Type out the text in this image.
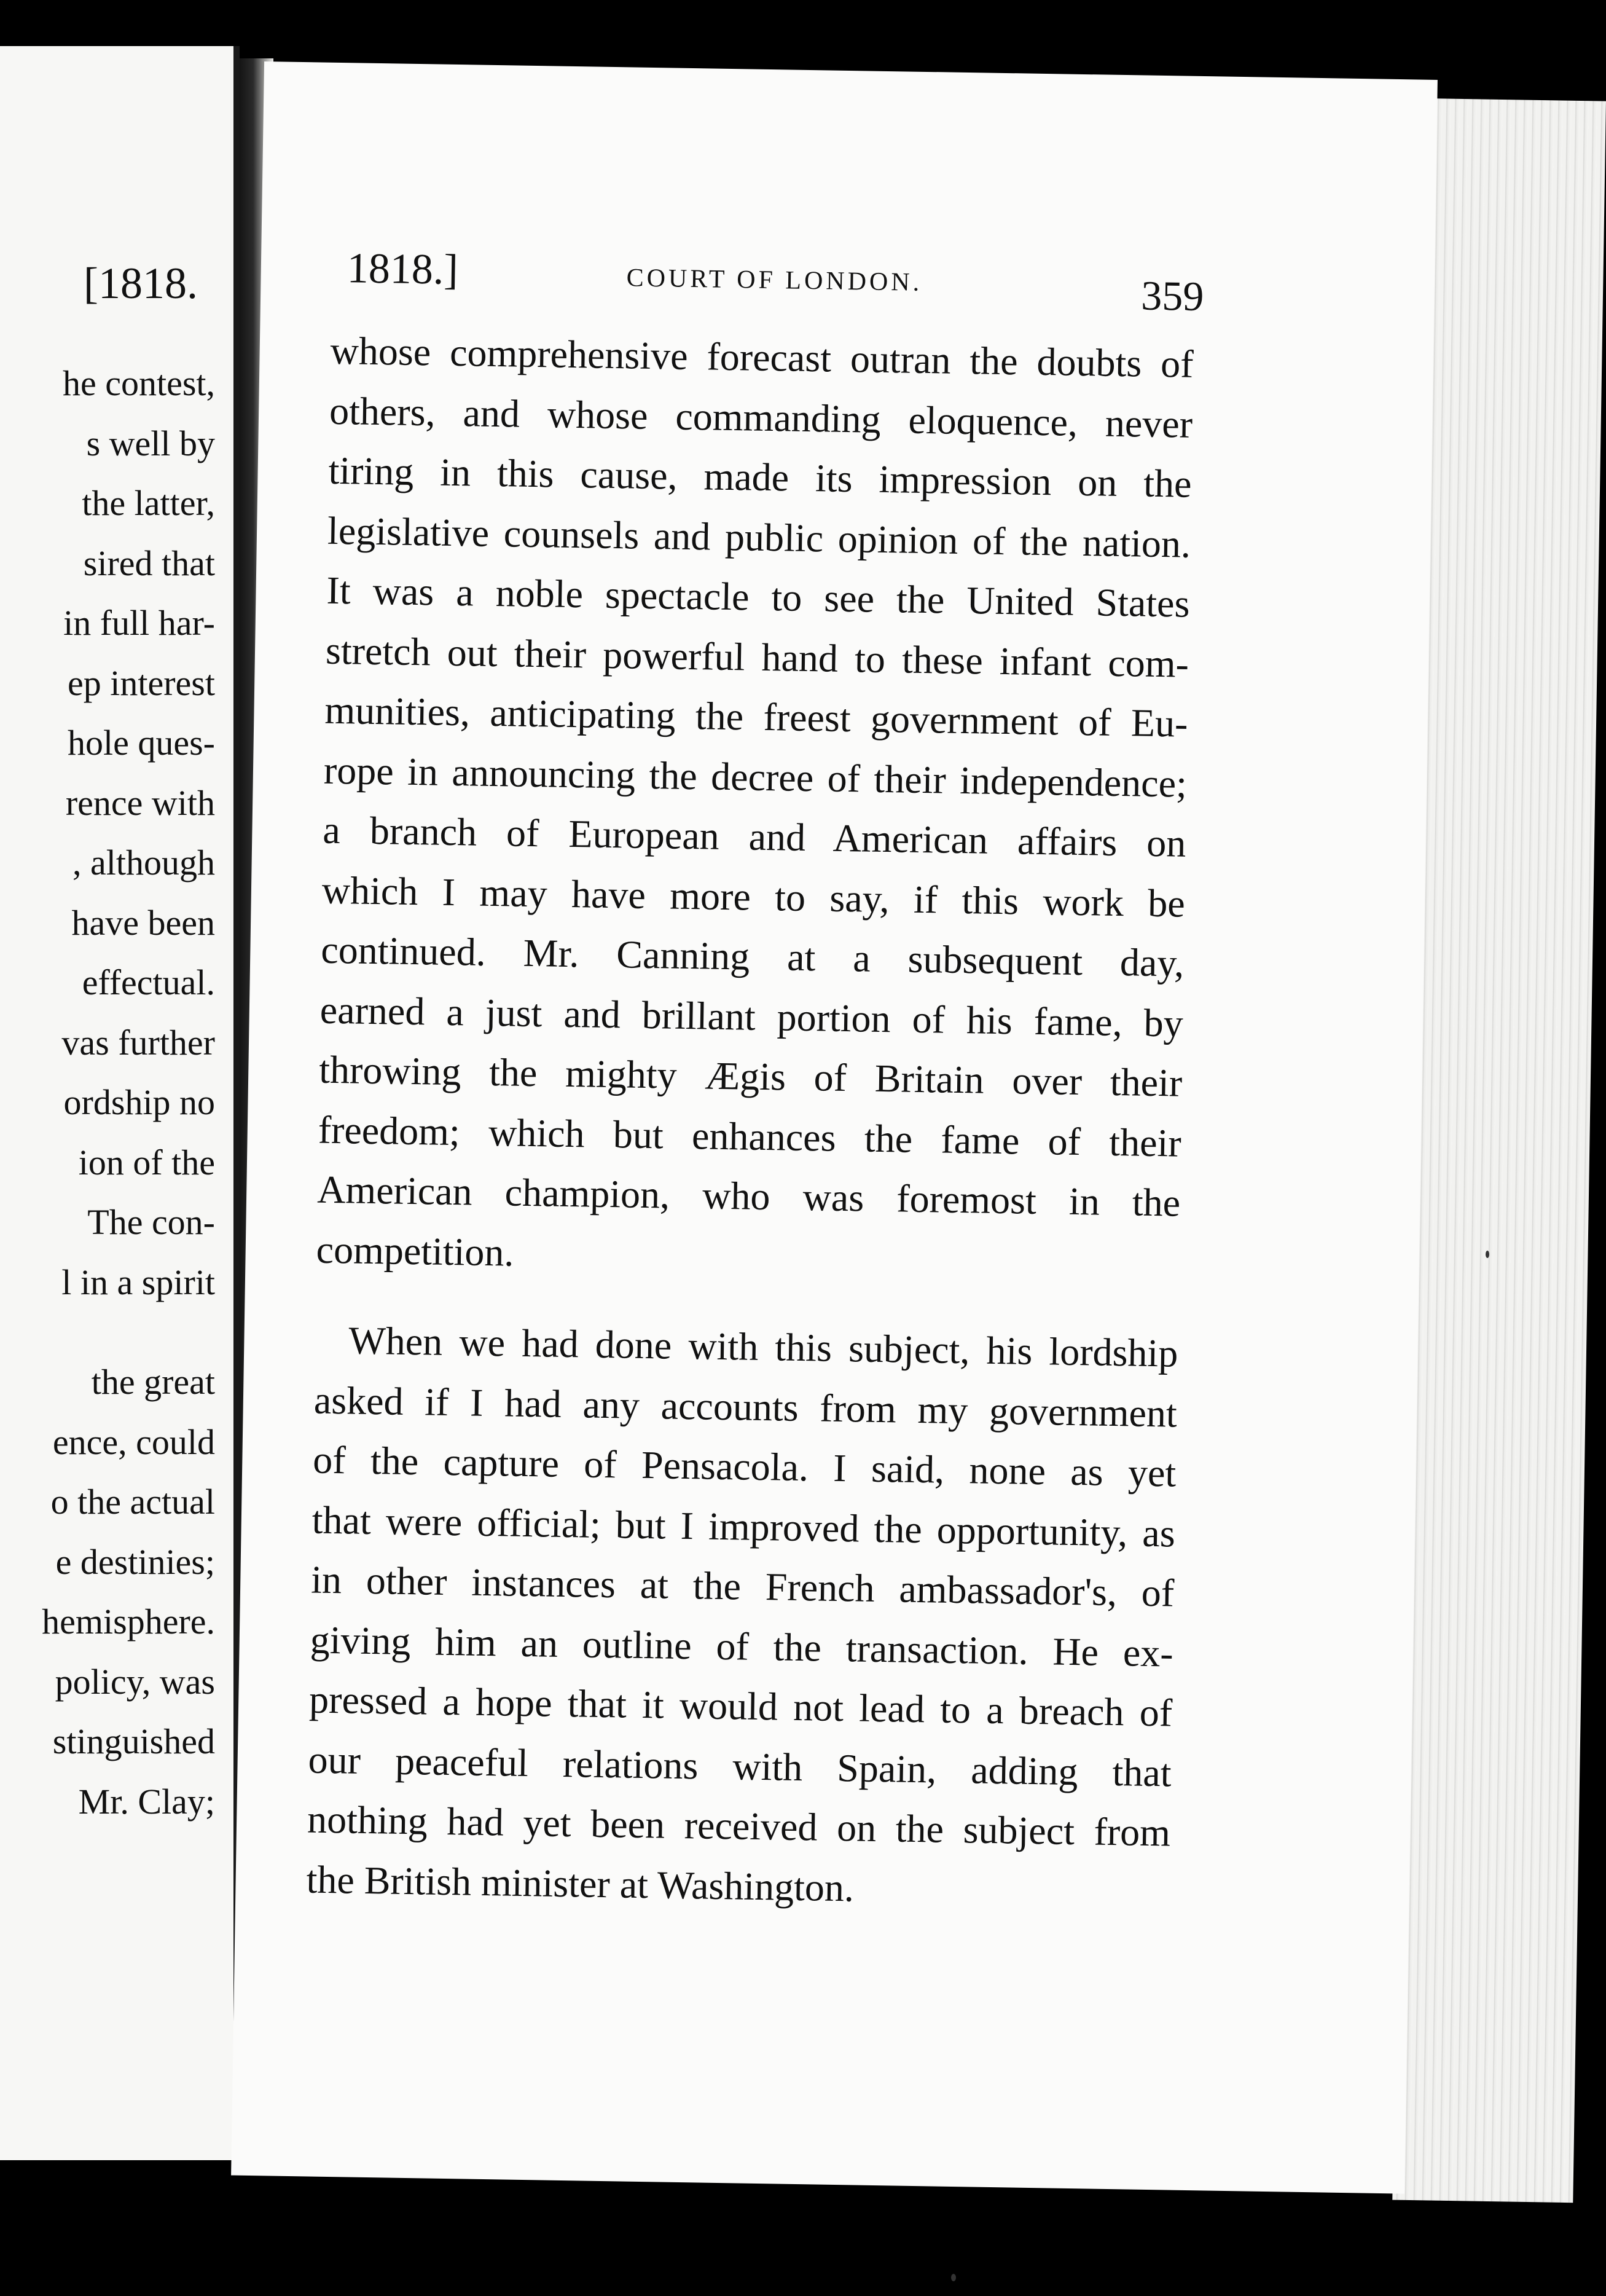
[1818.
he contest,
s well by
the latter,
sired that
in full har-
ep interest
hole ques-
rence with
, although
have been
effectual.
vas further
ordship no
ion of the
The con-
l in a spirit
the great
ence, could
o the actual
e destinies;
hemisphere.
policy, was
stinguished
Mr. Clay;
1818.]	COURT OF LONDON.	359
whose comprehensive forecast outran the doubts of
others, and whose commanding eloquence, never
tiring in this cause, made its impression on the
legislative counsels and public opinion of the nation.
It was a noble spectacle to see the United States
stretch out their powerful hand to these infant com-
munities, anticipating the freest government of Eu-
rope in announcing the decree of their independence;
a branch of European and American affairs on
which I may have more to say, if this work be
continued. Mr. Canning at a subsequent day,
earned a just and brillant portion of his fame, by
throwing the mighty Ægis of Britain over their
freedom; which but enhances the fame of their
American champion, who was foremost in the
competition.
When we had done with this subject, his lordship
asked if I had any accounts from my government
of the capture of Pensacola. I said, none as yet
that were official; but I improved the opportunity, as
in other instances at the French ambassador's, of
giving him an outline of the transaction. He ex-
pressed a hope that it would not lead to a breach of
our peaceful relations with Spain, adding that
nothing had yet been received on the subject from
the British minister at Washington.
